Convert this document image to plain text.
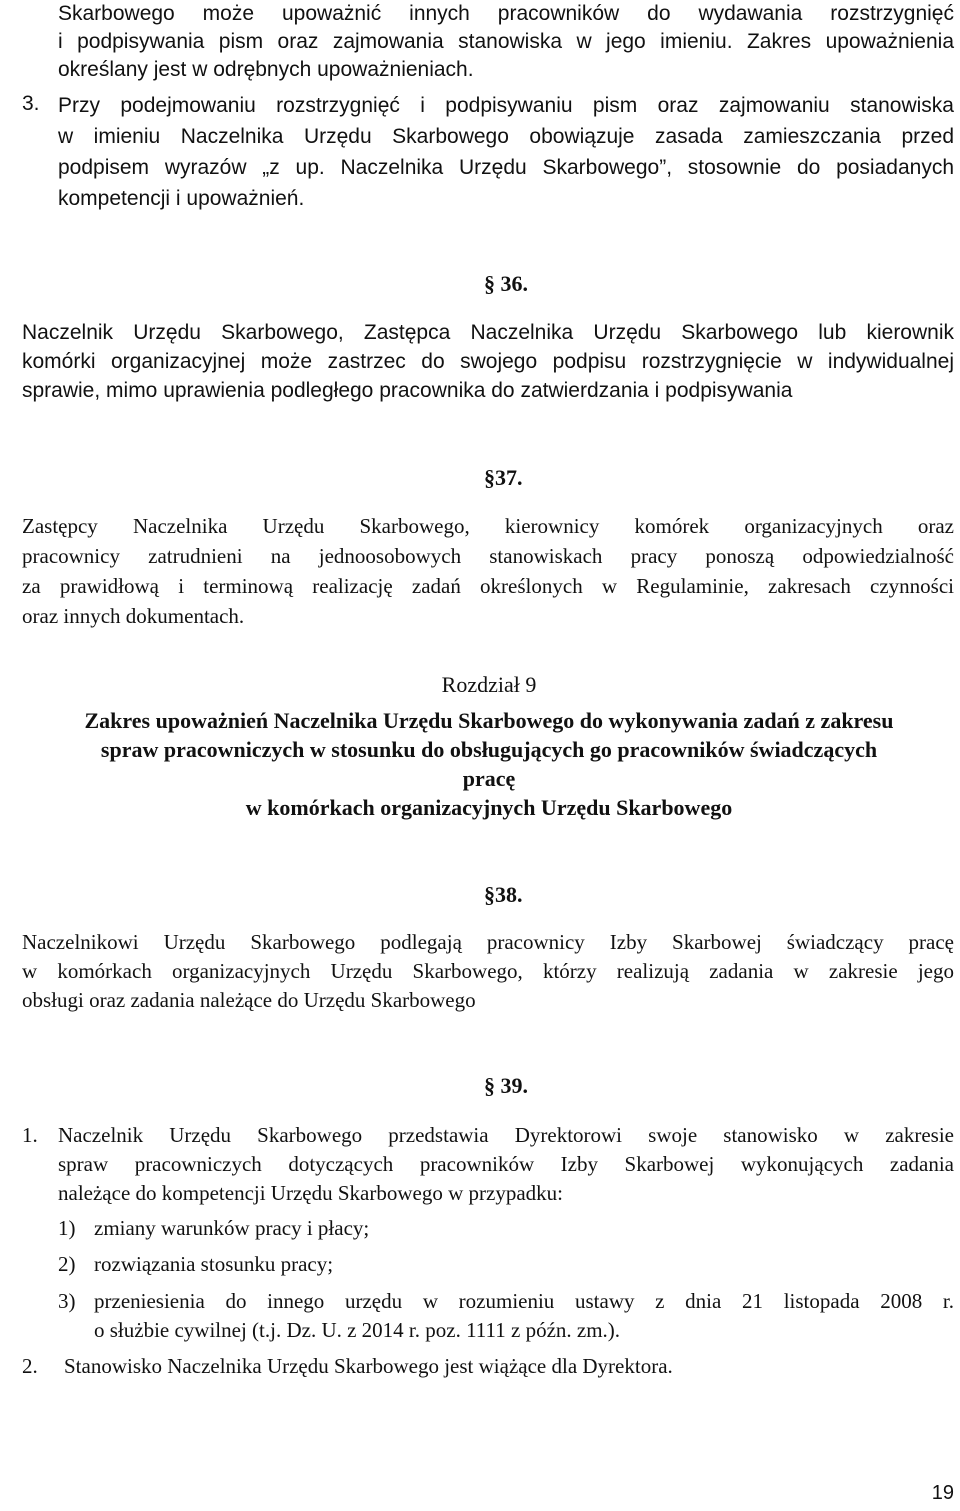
Skarbowego może upoważnić innych pracowników do wydawania rozstrzygnięć
i podpisywania pism oraz zajmowania stanowiska w jego imieniu. Zakres upoważnienia
określany jest w odrębnych upoważnieniach.
3. Przy podejmowaniu rozstrzygnięć i podpisywaniu pism oraz zajmowaniu stanowiska
w imieniu Naczelnika Urzędu Skarbowego obowiązuje zasada zamieszczania przed
podpisem wyrazów „z up. Naczelnika Urzędu Skarbowego”, stosownie do posiadanych
kompetencji i upoważnień.
§ 36.
Naczelnik Urzędu Skarbowego, Zastępca Naczelnika Urzędu Skarbowego lub kierownik
komórki organizacyjnej może zastrzec do swojego podpisu rozstrzygnięcie w indywidualnej
sprawie, mimo uprawienia podległego pracownika do zatwierdzania i podpisywania
§37.
Zastępcy Naczelnika Urzędu Skarbowego, kierownicy komórek organizacyjnych oraz
pracownicy zatrudnieni na jednoosobowych stanowiskach pracy ponoszą odpowiedzialność
za prawidłową i terminową realizację zadań określonych w Regulaminie, zakresach czynności
oraz innych dokumentach.
Rozdział 9
Zakres upoważnień Naczelnika Urzędu Skarbowego do wykonywania zadań z zakresu
spraw pracowniczych w stosunku do obsługujących go pracowników świadczących
pracę
w komórkach organizacyjnych Urzędu Skarbowego
§38.
Naczelnikowi Urzędu Skarbowego podlegają pracownicy Izby Skarbowej świadczący pracę
w komórkach organizacyjnych Urzędu Skarbowego, którzy realizują zadania w zakresie jego
obsługi oraz zadania należące do Urzędu Skarbowego
§ 39.
1. Naczelnik Urzędu Skarbowego przedstawia Dyrektorowi swoje stanowisko w zakresie
spraw pracowniczych dotyczących pracowników Izby Skarbowej wykonujących zadania
należące do kompetencji Urzędu Skarbowego w przypadku:
1) zmiany warunków pracy i płacy;
2) rozwiązania stosunku pracy;
3) przeniesienia do innego urzędu w rozumieniu ustawy z dnia 21 listopada 2008 r.
o służbie cywilnej (t.j. Dz. U. z 2014 r. poz. 1111 z późn. zm.).
2. Stanowisko Naczelnika Urzędu Skarbowego jest wiążące dla Dyrektora.
19
